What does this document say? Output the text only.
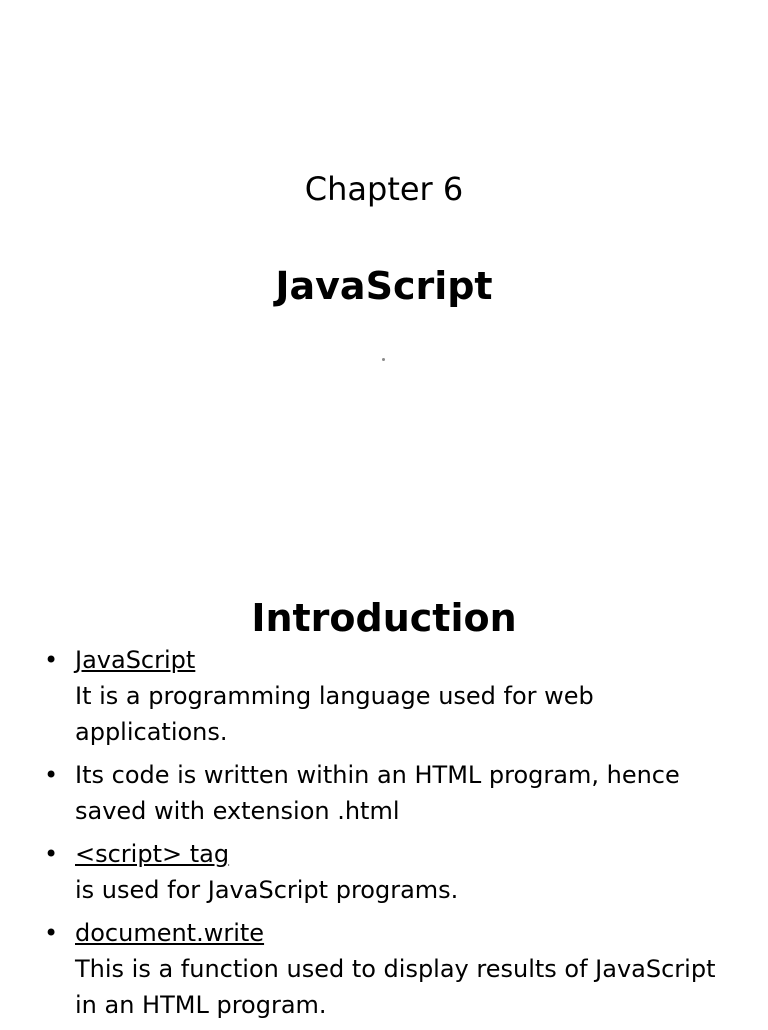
Chapter 6
JavaScript
Introduction
• JavaScript
It is a programming language used for web applications.
• Its code is written within an HTML program, hence saved with extension .html
• <script> tag
is used for JavaScript programs.
• document.write
This is a function used to display results of JavaScript in an HTML program.
